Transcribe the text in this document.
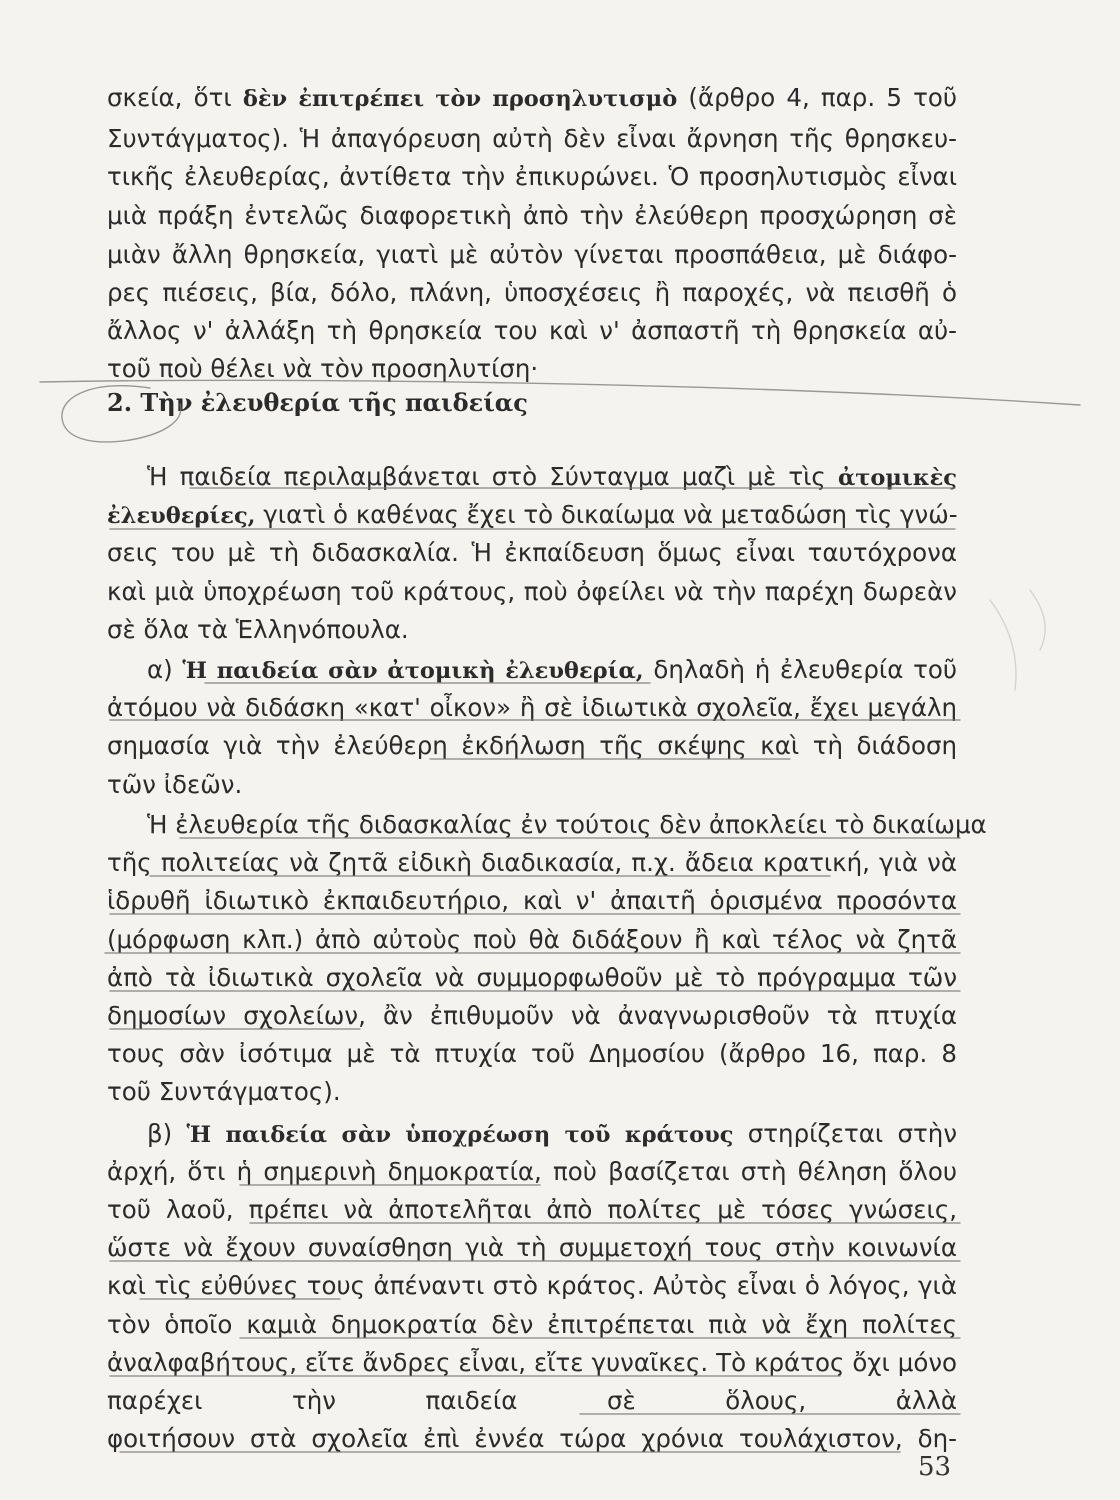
σκεία, ὅτι δὲν ἐπιτρέπει τὸν προσηλυτισμὸ (ἄρθρο 4, παρ. 5 τοῦ
Συντάγματος). Ἡ ἀπαγόρευση αὐτὴ δὲν εἶναι ἄρνηση τῆς θρησκευ-
τικῆς ἐλευθερίας, ἀντίθετα τὴν ἐπικυρώνει. Ὁ προσηλυτισμὸς εἶναι
μιὰ πράξη ἐντελῶς διαφορετικὴ ἀπὸ τὴν ἐλεύθερη προσχώρηση σὲ
μιὰν ἄλλη θρησκεία, γιατὶ μὲ αὐτὸν γίνεται προσπάθεια, μὲ διάφο-
ρες πιέσεις, βία, δόλο, πλάνη, ὑποσχέσεις ἢ παροχές, νὰ πεισθῆ ὁ
ἄλλος ν' ἀλλάξη τὴ θρησκεία του καὶ ν' ἀσπαστῆ τὴ θρησκεία αὐ-
τοῦ ποὺ θέλει νὰ τὸν προσηλυτίση·
2. Τὴν ἐλευθερία τῆς παιδείας
Ἡ παιδεία περιλαμβάνεται στὸ Σύνταγμα μαζὶ μὲ τὶς ἀτομικὲς
ἐλευθερίες, γιατὶ ὁ καθένας ἔχει τὸ δικαίωμα νὰ μεταδώση τὶς γνώ-
σεις του μὲ τὴ διδασκαλία. Ἡ ἐκπαίδευση ὅμως εἶναι ταυτόχρονα
καὶ μιὰ ὑποχρέωση τοῦ κράτους, ποὺ ὀφείλει νὰ τὴν παρέχη δωρεὰν
σὲ ὅλα τὰ Ἑλληνόπουλα.
α) Ἡ παιδεία σὰν ἀτομικὴ ἐλευθερία, δηλαδὴ ἡ ἐλευθερία τοῦ
ἀτόμου νὰ διδάσκη «κατ' οἶκον» ἢ σὲ ἰδιωτικὰ σχολεῖα, ἔχει μεγάλη
σημασία γιὰ τὴν ἐλεύθερη ἐκδήλωση τῆς σκέψης καὶ τὴ διάδοση
τῶν ἰδεῶν.
Ἡ ἐλευθερία τῆς διδασκαλίας ἐν τούτοις δὲν ἀποκλείει τὸ δικαίωμα
τῆς πολιτείας νὰ ζητᾶ εἰδικὴ διαδικασία, π.χ. ἄδεια κρατική, γιὰ νὰ
ἱδρυθῆ ἰδιωτικὸ ἐκπαιδευτήριο, καὶ ν' ἀπαιτῆ ὁρισμένα προσόντα
(μόρφωση κλπ.) ἀπὸ αὐτοὺς ποὺ θὰ διδάξουν ἢ καὶ τέλος νὰ ζητᾶ
ἀπὸ τὰ ἰδιωτικὰ σχολεῖα νὰ συμμορφωθοῦν μὲ τὸ πρόγραμμα τῶν
δημοσίων σχολείων, ἂν ἐπιθυμοῦν νὰ ἀναγνωρισθοῦν τὰ πτυχία
τους σὰν ἰσότιμα μὲ τὰ πτυχία τοῦ Δημοσίου (ἄρθρο 16, παρ. 8
τοῦ Συντάγματος).
β) Ἡ παιδεία σὰν ὑποχρέωση τοῦ κράτους στηρίζεται στὴν
ἀρχή, ὅτι ἡ σημερινὴ δημοκρατία, ποὺ βασίζεται στὴ θέληση ὅλου
τοῦ λαοῦ, πρέπει νὰ ἀποτελῆται ἀπὸ πολίτες μὲ τόσες γνώσεις,
ὥστε νὰ ἔχουν συναίσθηση γιὰ τὴ συμμετοχή τους στὴν κοινωνία
καὶ τὶς εὐθύνες τους ἀπέναντι στὸ κράτος. Αὐτὸς εἶναι ὁ λόγος, γιὰ
τὸν ὁποῖο καμιὰ δημοκρατία δὲν ἐπιτρέπεται πιὰ νὰ ἔχη πολίτες
ἀναλφαβήτους, εἴτε ἄνδρες εἶναι, εἴτε γυναῖκες. Τὸ κράτος ὄχι μόνο
παρέχει τὴν παιδεία σὲ ὅλους, ἀλλὰ
φοιτήσουν στὰ σχολεῖα ἐπὶ ἐννέα τώρα χρόνια τουλάχιστον, δη-
53
